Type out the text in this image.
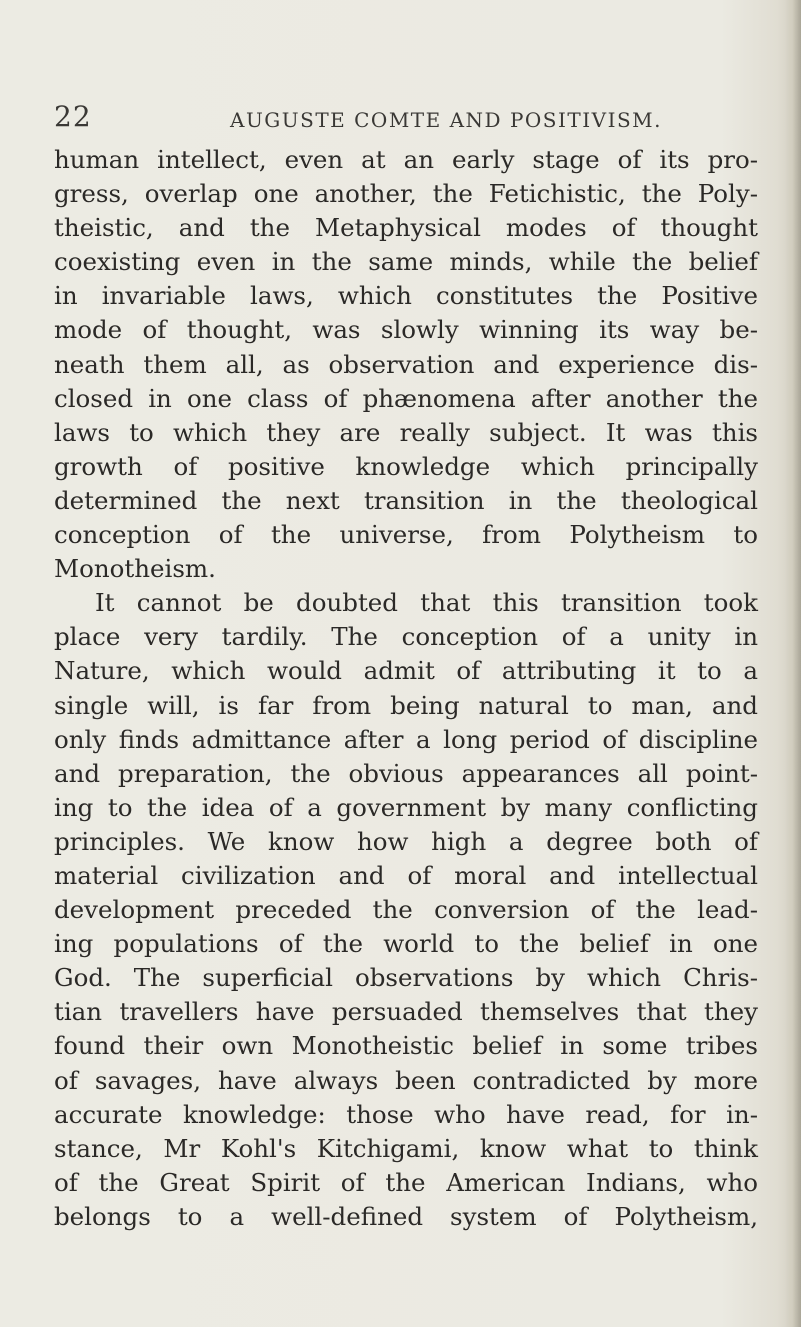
22	AUGUSTE COMTE AND POSITIVISM.
human intellect, even at an early stage of its pro-
gress, overlap one another, the Fetichistic, the Poly-
theistic, and the Metaphysical modes of thought
coexisting even in the same minds, while the belief
in invariable laws, which constitutes the Positive
mode of thought, was slowly winning its way be-
neath them all, as observation and experience dis-
closed in one class of phænomena after another the
laws to which they are really subject. It was this
growth of positive knowledge which principally
determined the next transition in the theological
conception of the universe, from Polytheism to
Monotheism.
It cannot be doubted that this transition took
place very tardily. The conception of a unity in
Nature, which would admit of attributing it to a
single will, is far from being natural to man, and
only finds admittance after a long period of discipline
and preparation, the obvious appearances all point-
ing to the idea of a government by many conflicting
principles. We know how high a degree both of
material civilization and of moral and intellectual
development preceded the conversion of the lead-
ing populations of the world to the belief in one
God. The superficial observations by which Chris-
tian travellers have persuaded themselves that they
found their own Monotheistic belief in some tribes
of savages, have always been contradicted by more
accurate knowledge: those who have read, for in-
stance, Mr Kohl's Kitchigami, know what to think
of the Great Spirit of the American Indians, who
belongs to a well-defined system of Polytheism,
